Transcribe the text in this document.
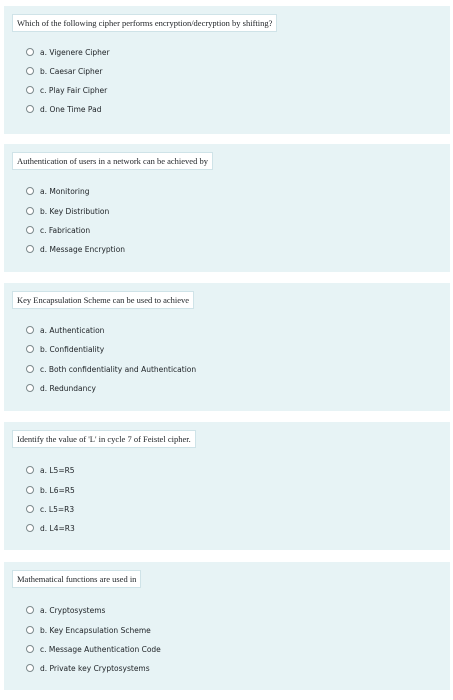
Which of the following cipher performs encryption/decryption by shifting?
a. Vigenere Cipher
b. Caesar Cipher
c. Play Fair Cipher
d. One Time Pad
Authentication of users in a network can be achieved by
a. Monitoring
b. Key Distribution
c. Fabrication
d. Message Encryption
Key Encapsulation Scheme can be used to achieve
a. Authentication
b. Confidentiality
c. Both confidentiality and Authentication
d. Redundancy
Identify the value of 'L' in cycle 7 of Feistel cipher.
a. L5=R5
b. L6=R5
c. L5=R3
d. L4=R3
Mathematical functions are used in
a. Cryptosystems
b. Key Encapsulation Scheme
c. Message Authentication Code
d. Private key Cryptosystems
